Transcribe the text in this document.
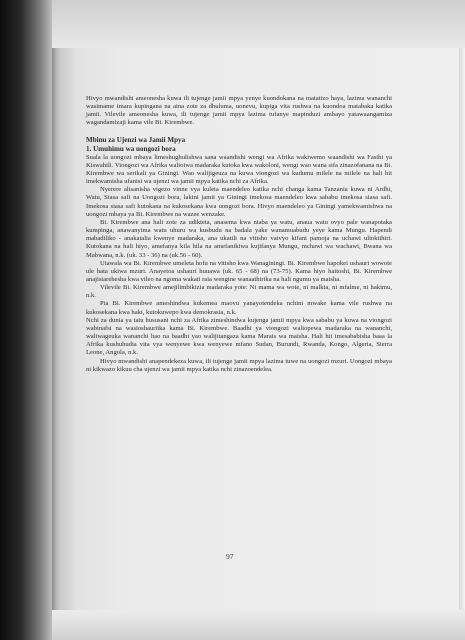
Hivyo mwandishi ameonesha kuwa ili tujenge jamii mpya yenye kuondokana na matatizo haya, lazima wananchi wasimame imara kupingana na aina zote za dhuluma, uonevu, kupiga vita rushwa na kuondoa matabaka katika jamii. Vilevile ameonesha kuwa, ili tujenge jamii mpya lazima tufanye mapinduzi ambayo yatawaangamiza wagandamizaji kama vile Bi. Kirembwe.

Mbinu za Ujenzi wa Jamii Mpya

1. Umuhimu wa uongozi bora

Suala la uongozi mbaya limeshughulishwa sana waandishi wengi wa Afrika wakiwemo waandishi wa Fasihi ya Kiswahili. Viongozi wa Afrika walioiwa madaraka kutoka kwa wakoloni, wengi wao wana sifa zinazofanana na Bi. Kirembwe wa serikali ya Giningi. Wao walijigeuza na kuwa viongozi wa kudumu milele na milele na hali hii imekwamisha ufanisi wa ujenzi wa jamii mpya katika nchi za Afrika.

Nyerere alisanisha vigezo vinne vya kuleta maendeleo katika nchi changa kama Tanzania kuwa ni Ardhi, Watu, Siasa safi na Uongozi bora, lakini jamii ya Giningi imekosa maendeleo kwa sababu imekosa siasa safi. Imekosa siasa safi kutokana na kukosekana kwa uongozi bora. Hivyo maendeleo ya Giningi yamekwamishwa na uongozi mbaya ya Bi. Kirembwe na wazee wenzake.

Bi. Kirembwe ana hali zote za udikteta, anasema kwa niaba ya watu, anaua watu ovyo pale wanapotaka kumpinga, anawanyima watu uhuru wa kusbudu na badala yake wanamuabudu yeye kama Mungu. Hapendi mabadiliko - anakatalia kwenye madaraka, ana ukatili na vitisho vaivyo kifani pamoja na uchawi ulioktihiri. Kutokana na hali hiyo, amefanya kila hila na amefanikiwa kujifanya Mungu, mchawi wa wachawi, Bwana wa Mabwana, n.k. (uk. 33 - 36) na (uk.56 - 60).

Utawala wa Bi. Kirembwe umeleta hofu na vitisho kwa Wanaginingi. Bi. Kirembwe hapokei ushauri wowote ule hata ukiwa mzuri. Anayetoa ushauri huuawa (uk. 65 - 68) na (73-75). Kama hiyo haitoshi, Bi. Kirembwe anajistarehesha kwa vileo na ngoma wakati raia wengine wanaathirika na hali ngumu ya maisha.

Vilevile Bi. Kirembwe amejilimbikizia madaraka yote: Ni mama wa wote, ni malkia, ni mfalme, ni hakimu, n.k.

Pia Bi. Kirembwe ameshindwa kukemea maovu yanayotendeka nchini mwake kama vile rushwa na kukosekana kwa haki, kutokuwepo kwa demokrasia, n.k.

Nchi za dunia ya tatu hususani nchi za Afrika zimeshindwa kujenga jamii mpya kwa sababu ya kuwa na viongozi wabinafsi na wasioshauriika kama Bi. Kirembwe. Baadhi ya viongozi waliopewa madaraka na wananchi, waliwageuka wananchi hao na baadhi yao walijitangaza kama Marais wa maisha. Hali hii imesababisha baaa la Afrika kushuhudia vita vya wenyewe kwa wenyewe mfano Sudan, Burundi, Rwanda, Kongo, Algeria, Sierra Leone, Angola, n.k.

Hivyo mwandishi anapendekeza kuwa, ili tujenge jamii mpya lazima tuwe na uongozi mzuri. Uongozi mbaya ni kikwazo kikuu cha ujenzi wa jamii mpya katika nchi zinazoendelea.

97
